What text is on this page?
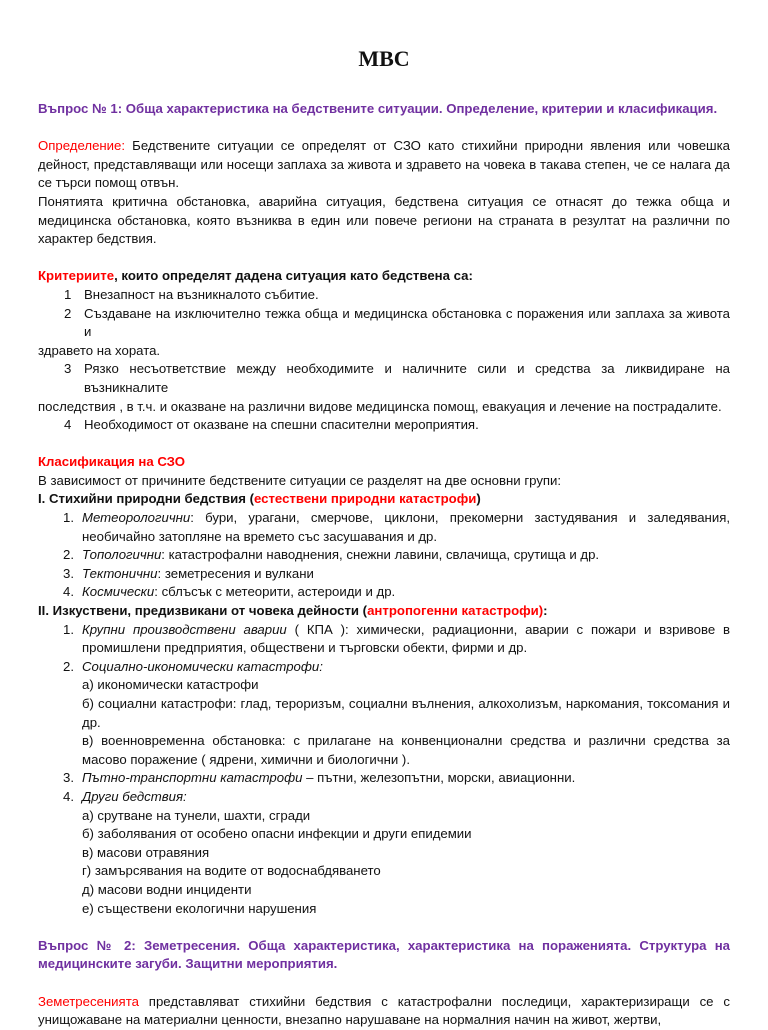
МВС
Въпрос № 1: Обща характеристика на бедствените ситуации. Определение, критерии и класификация.
Определение: Бедствените ситуации се определят от СЗО като стихийни природни явления или човешка дейност, представляващи или носещи заплаха за живота и здравето на човека в такава степен, че се налага да се търси помощ отвън.
Понятията критична обстановка, аварийна ситуация, бедствена ситуация се отнасят до тежка обща и медицинска обстановка, която възниква в един или повече региони на страната в резултат на различни по характер бедствия.
Критериите, които определят дадена ситуация като бедствена са:
1 Внезапност на възникналото събитие.
2 Създаване на изключително тежка обща и медицинска обстановка с поражения или заплаха за живота и
здравето на хората.
3 Рязко несъответствие между необходимите и наличните сили и средства за ликвидиране на възникналите
последствия , в т.ч. и оказване на различни видове медицинска помощ, евакуация и лечение на пострадалите.
4 Необходимост от оказване на спешни спасителни мероприятия.
Класификация на СЗО
В зависимост от причините бедствените ситуации се разделят на две основни групи:
I. Стихийни природни бедствия (естествени природни катастрофи)
1. Метеорологични: бури, урагани, смерчове, циклони, прекомерни застудявания и заледявания, необичайно затопляне на времето със засушавания и др.
2. Топологични: катастрофални наводнения, снежни лавини, свлачища, срутища и др.
3. Тектонични: земетресения и вулкани
4. Космически: сблъсък с метеорити, астероиди и др.
II. Изкуствени, предизвикани от човека дейности (антропогенни катастрофи):
1. Крупни производствени аварии ( КПА ): химически, радиационни, аварии с пожари и взривове в промишлени предприятия, обществени и търговски обекти, фирми и др.
2. Социално-икономически катастрофи:
а) икономически катастрофи
б) социални катастрофи: глад, тероризъм, социални вълнения, алкохолизъм, наркомания, токсомания и др.
в) военновременна обстановка: с прилагане на конвенционални средства и различни средства за масово поражение ( ядрени, химични и биологични ).
3. Пътно-транспортни катастрофи – пътни, железопътни, морски, авиационни.
4. Други бедствия:
а) срутване на тунели, шахти, сгради
б) заболявания от особено опасни инфекции и други епидемии
в) масови отравяния
г) замърсявания на водите от водоснабдяването
д) масови водни инциденти
е) съществени екологични нарушения
Въпрос № 2: Земетресения. Обща характеристика, характеристика на пораженията. Структура на медицинските загуби. Защитни мероприятия.
Земетресенията представляват стихийни бедствия с катастрофални последици, характеризиращи се с унищожаване на материални ценности, внезапно нарушаване на нормалния начин на живот, жертви,
